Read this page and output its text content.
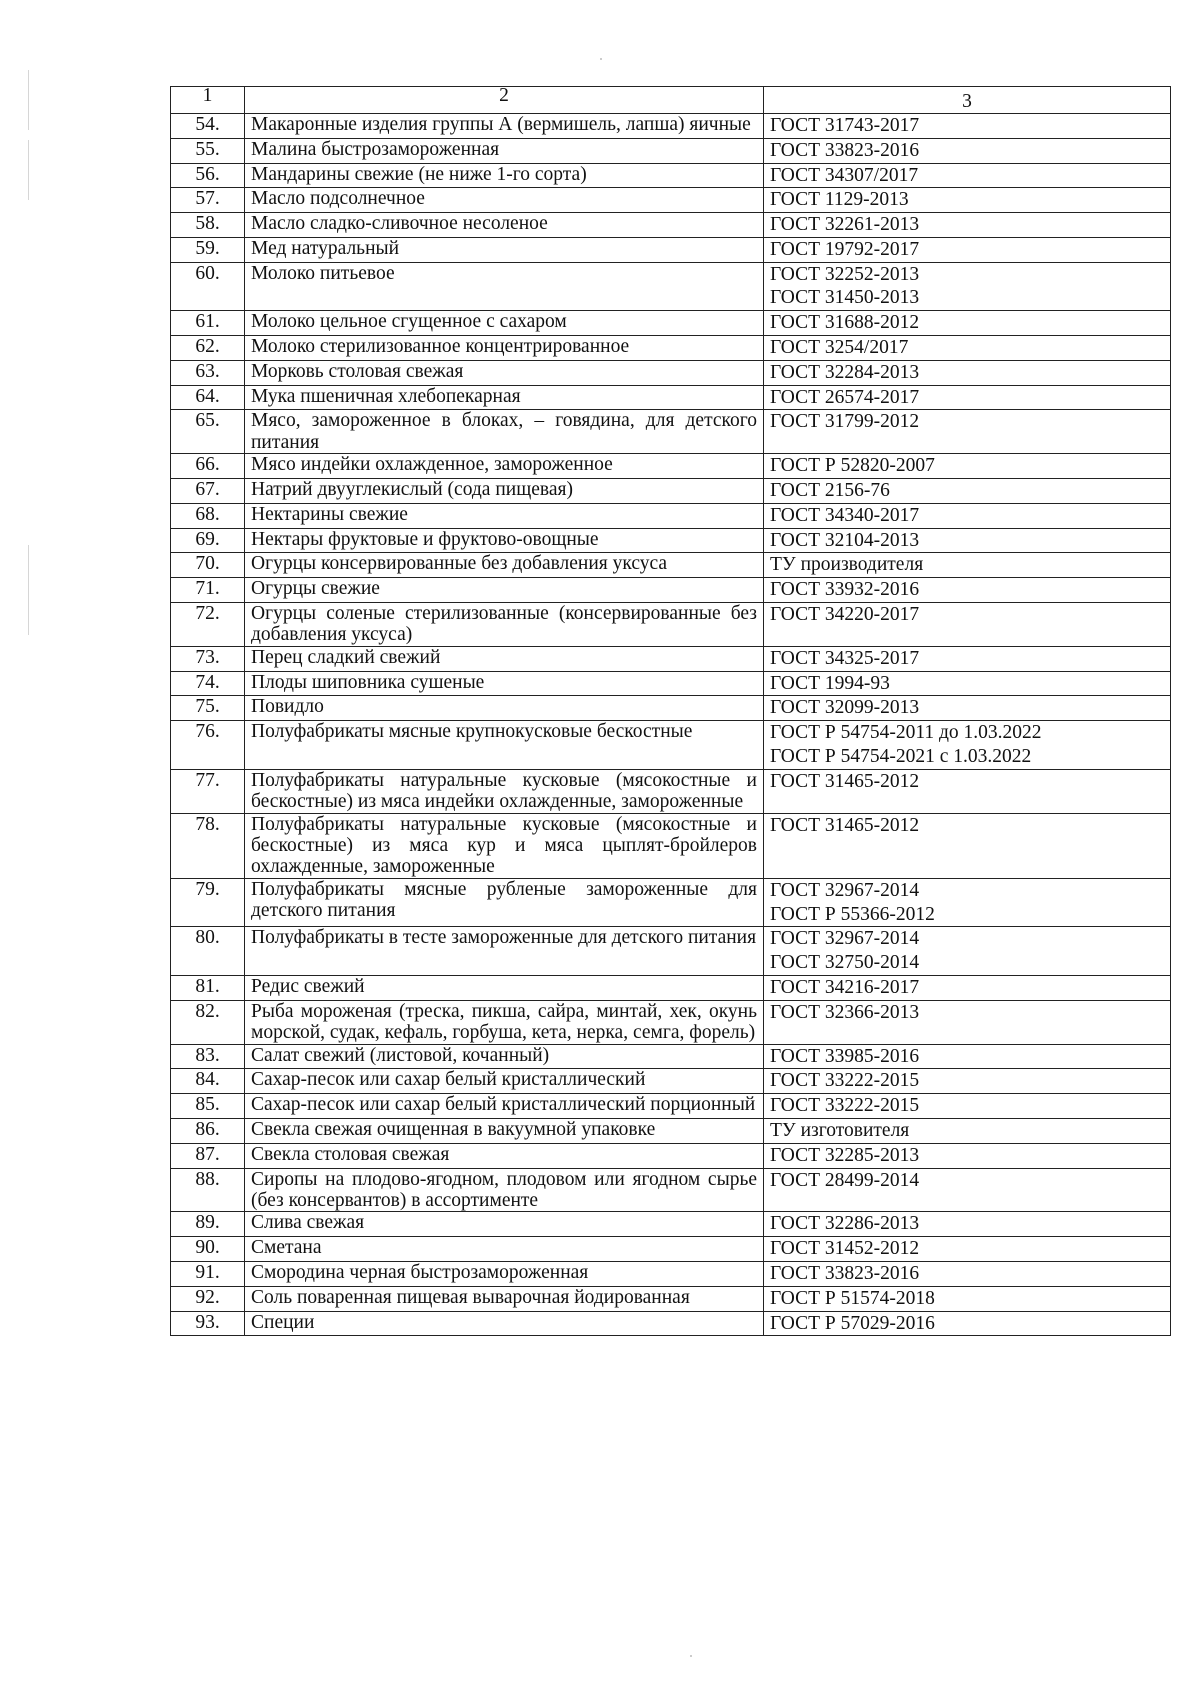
1	2	3
54.	Макаронные изделия группы А (вермишель, лапша) яичные	ГОСТ 31743-2017

55.	Малина быстрозамороженная	ГОСТ 33823-2016

56.	Мандарины свежие (не ниже 1-го сорта)	ГОСТ 34307/2017

57.	Масло подсолнечное	ГОСТ 1129-2013

58.	Масло сладко-сливочное несоленое	ГОСТ 32261-2013

59.	Мед натуральный	ГОСТ 19792-2017

60.	Молоко питьевое	ГОСТ 32252-2013
ГОСТ 31450-2013

61.	Молоко цельное сгущенное с сахаром	ГОСТ 31688-2012

62.	Молоко стерилизованное концентрированное	ГОСТ 3254/2017

63.	Морковь столовая свежая	ГОСТ 32284-2013

64.	Мука пшеничная хлебопекарная	ГОСТ 26574-2017

65.	Мясо, замороженное в блоках, – говядина, для детского питания	ГОСТ 31799-2012

66.	Мясо индейки охлажденное, замороженное	ГОСТ Р 52820-2007

67.	Натрий двууглекислый (сода пищевая)	ГОСТ 2156-76

68.	Нектарины свежие	ГОСТ 34340-2017

69.	Нектары фруктовые и фруктово-овощные	ГОСТ 32104-2013

70.	Огурцы консервированные без добавления уксуса	ТУ производителя

71.	Огурцы свежие	ГОСТ 33932-2016

72.	Огурцы соленые стерилизованные (консервированные без добавления уксуса)	ГОСТ 34220-2017

73.	Перец сладкий свежий	ГОСТ 34325-2017

74.	Плоды шиповника сушеные	ГОСТ 1994-93

75.	Повидло	ГОСТ 32099-2013

76.	Полуфабрикаты мясные крупнокусковые бескостные	ГОСТ Р 54754-2011 до 1.03.2022
ГОСТ Р 54754-2021 с 1.03.2022

77.	Полуфабрикаты натуральные кусковые (мясокостные и бескостные) из мяса индейки охлажденные, замороженные	ГОСТ 31465-2012

78.	Полуфабрикаты натуральные кусковые (мясокостные и бескостные) из мяса кур и мяса цыплят-бройлеров охлажденные, замороженные	ГОСТ 31465-2012

79.	Полуфабрикаты мясные рубленые замороженные для детского питания	ГОСТ 32967-2014
ГОСТ Р 55366-2012

80.	Полуфабрикаты в тесте замороженные для детского питания	ГОСТ 32967-2014
ГОСТ 32750-2014

81.	Редис свежий	ГОСТ 34216-2017

82.	Рыба мороженая (треска, пикша, сайра, минтай, хек, окунь морской, судак, кефаль, горбуша, кета, нерка, семга, форель)	ГОСТ 32366-2013

83.	Салат свежий (листовой, кочанный)	ГОСТ 33985-2016

84.	Сахар-песок или сахар белый кристаллический	ГОСТ 33222-2015

85.	Сахар-песок или сахар белый кристаллический порционный	ГОСТ 33222-2015

86.	Свекла свежая очищенная в вакуумной упаковке	ТУ изготовителя

87.	Свекла столовая свежая	ГОСТ 32285-2013

88.	Сиропы на плодово-ягодном, плодовом или ягодном сырье (без консервантов) в ассортименте	ГОСТ 28499-2014

89.	Слива свежая	ГОСТ 32286-2013

90.	Сметана	ГОСТ 31452-2012

91.	Смородина черная быстрозамороженная	ГОСТ 33823-2016

92.	Соль поваренная пищевая выварочная йодированная	ГОСТ Р 51574-2018

93.	Специи	ГОСТ Р 57029-2016
